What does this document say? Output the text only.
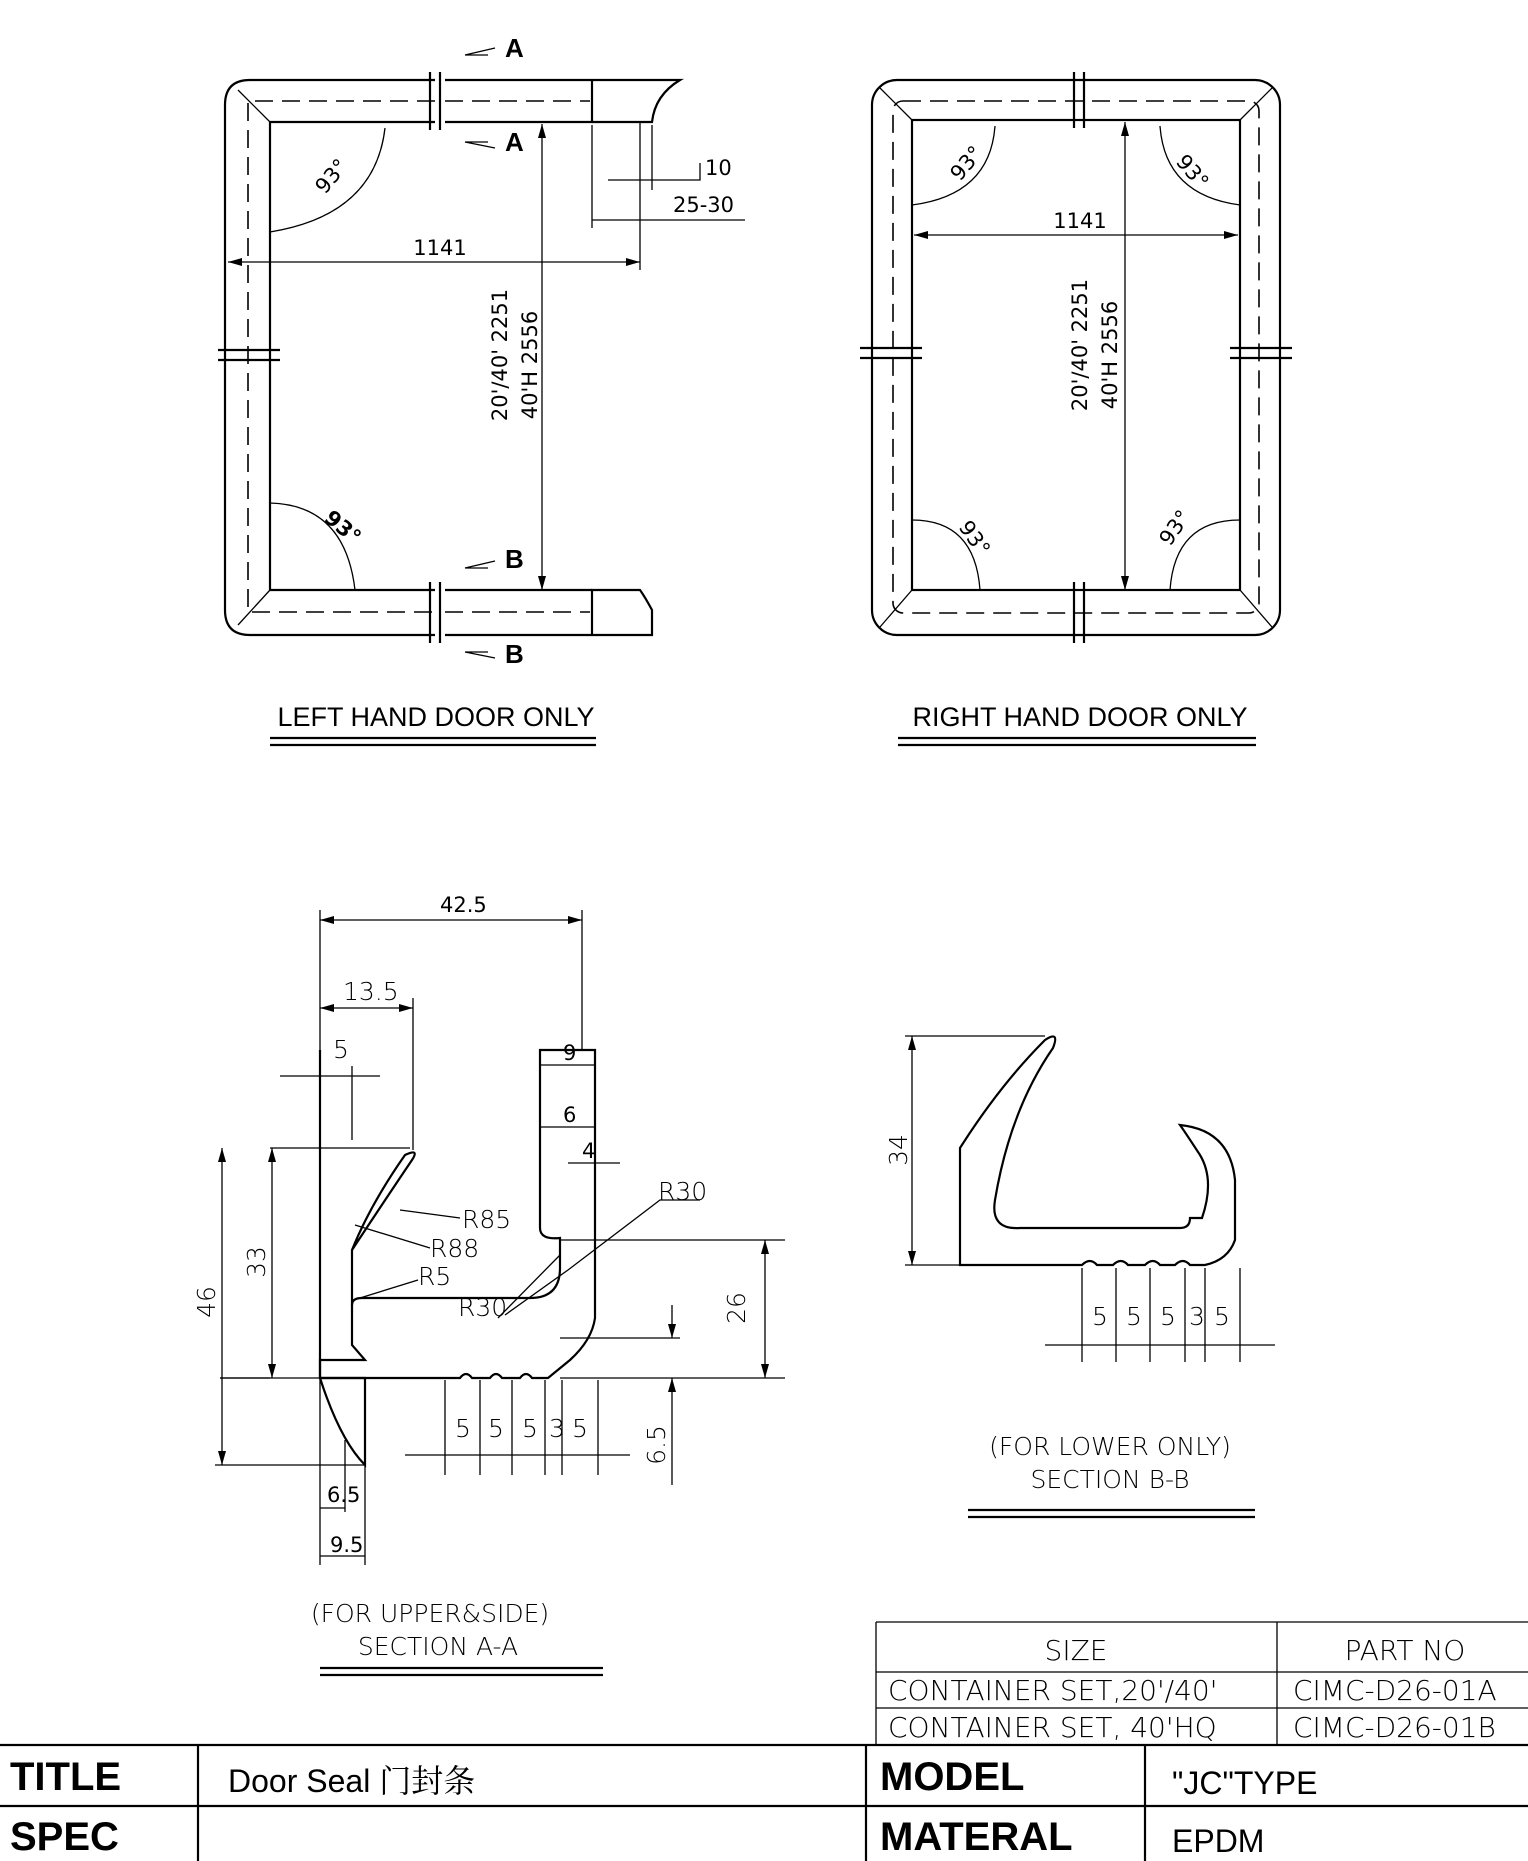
A
A
B
B
93°
93°
1141
20'/40' 2251 40'H 2556
10
25-30
LEFT HAND DOOR ONLY
93°	93°
93°	93°
1141
20'/40' 2251 40'H 2556
RIGHT HAND DOOR ONLY
42.5
13.5
5	9
6
4
R85
R88
R5
R30
R30
33
46	26
6.5
5 5 5 3 5
6.5
9.5
(FOR UPPER&SIDE)
SECTION A-A
34
5 5 5 3 5
(FOR LOWER ONLY)
SECTION B-B
SIZE	PART NO
CONTAINER SET,20'/40'	CIMC-D26-01A
CONTAINER SET, 40'HQ	CIMC-D26-01B
TITLE	Door Seal 门封条
SPEC
MODEL	"JC"TYPE
MATERAL	EPDM
